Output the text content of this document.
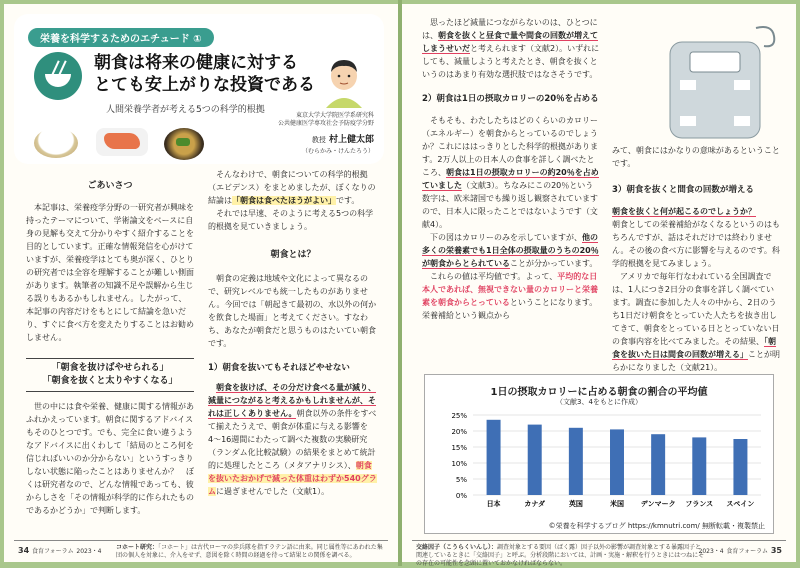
栄養を科学するためのエチュード ①
朝食は将来の健康に対する
とても安上がりな投資である
人間栄養学者が考える5つの科学的根拠
東京大学大学院医学系研究科
公共健康医学専攻社会予防疫学分野
教授 村上健太郎
（むらかみ・けんたろう）
ごあいさつ
本記事は、栄養疫学分野の一研究者が興味を持ったテーマについて、学術論文をベースに自身の見解も交えて分かりやすく紹介することを目的としています。正確な情報発信を心がけていますが、栄養疫学はとても奥が深く、ひとりの研究者では全容を理解することが難しい側面があります。執筆者の知識不足や誤解から生じる誤りもあるかもしれません。したがって、本記事の内容だけをもとにして結論を急いだり、すぐに食べ方を変えたりすることはお勧めしません。
「朝食を抜けばやせられる」
「朝食を抜くと太りやすくなる」
世の中には食や栄養、健康に関する情報があふれかえっています。朝食に関するアドバイスもそのひとつです。でも、完全に食い違うようなアドバイスに出くわして「結局のところ何を信じればいいのか分からない」というすっきりしない状態に陥ったことはありませんか？　ぼくは研究者なので、どんな情報であっても、彼からしさを「その情報が科学的に作られたものであるかどうか」で判断します。
そんなわけで、朝食についての科学的根拠（エビデンス）をまとめましたが、ぼくなりの結論は「朝食は食べたほうがよい」です。
それでは早速、そのように考える5つの科学的根拠を見ていきましょう。
朝食とは？
朝食の定義は地域や文化によって異なるので、研究レベルでも統一したものがありません。今回では「朝起きて最初の、水以外の何かを飲食した場面」と考えてください。すなわち、あなたが朝食だと思うものはたいてい朝食です。
1）朝食を抜いてもそれほどやせない
朝食を抜けば、その分だけ食べる量が減り、減量につながると考えるかもしれませんが、それは正しくありません。朝食以外の条件をすべて揃えたうえで、朝食が体重に与える影響を4〜16週間にわたって調べた複数の実験研究（ランダム化比較試験）の結果をまとめて統計的に処理したところ（メタアナリシス）、朝食を抜いたおかげで減った体重はわずか540グラムに過ぎませんでした（文献1）。
34 食育フォーラム 2023・4
コホート研究：「コホート」は古代ローマの歩兵隊を指すラテン語に由来。同じ属性等にあわれた集団の個人を対象に、介入をせず、意図を除く時間の経過を待って結果との関係を調べる。
思ったほど減量につながらないのは、ひとつには、朝食を抜くと昼食で量や間食の回数が増えてしまうせいだと考えられます（文献2）。いずれにしても、減量しようと考えたとき、朝食を抜くというのはあまり有効な選択肢ではなさそうです。
2）朝食は1日の摂取カロリーの20％を占める
そもそも、わたしたちはどのくらいのカロリー（エネルギー）を朝食からとっているのでしょうか？これにははっきりとした科学的根拠があります。2万人以上の日本人の食事を詳しく調べたところ、朝食は1日の摂取カロリーの約20％を占めていました（文献3）。ちなみにこの20％という数字は、欧米諸国でも繰り返し観察されていますので、日本人に限ったことではないようです（文献4）。
下の図はカロリーのみを示していますが、他の多くの栄養素でも1日全体の摂取量のうちの20％が朝食からとられていることが分かっています。
これらの値は平均値です。よって、平均的な日本人であれば、無視できない量のカロリーと栄養素を朝食からとっているということになります。栄養補給という観点から
みて、朝食にはかなりの意味があるということです。
3）朝食を抜くと間食の回数が増える
朝食を抜くと何が起こるのでしょうか？
朝食としての栄養補給がなくなるというのはもちろんですが、話はそれだけでは終わりません。その後の食べ方に影響を与えるのです。科学的根拠を見てみましょう。
アメリカで毎年行なわれている全国調査では、1人につき2日分の食事を詳しく調べています。調査に参加した人々の中から、2日のうち1日だけ朝食をとっていた人たちを抜き出してきて、朝食をとっている日ととっていない日の食事内容を比べてみました。その結果、「朝食を抜いた日は間食の回数が増える」ことが明らかになりました（文献21）。
1日の摂取カロリーに占める朝食の割合の平均値
（文献3、4をもとに作成）
0%
5%
10%
15%
20%
25%
日本	カナダ	英国	米国 デンマーク フランス スペイン
©栄養を科学するブログ https://kmnutri.com/ 無断転載・複製禁止
交絡因子（こうらくいんし）：調査対象とする要因（ばく露）因子以外の影響が調査対象とする暴露因子と関連しているときに「交絡因子」と呼ぶ。分析段階においては、計画・実施・解釈を行うときにはつねにその存在の可能性を念頭に置いておかなければならない。
2023・4 食育フォーラム 35
